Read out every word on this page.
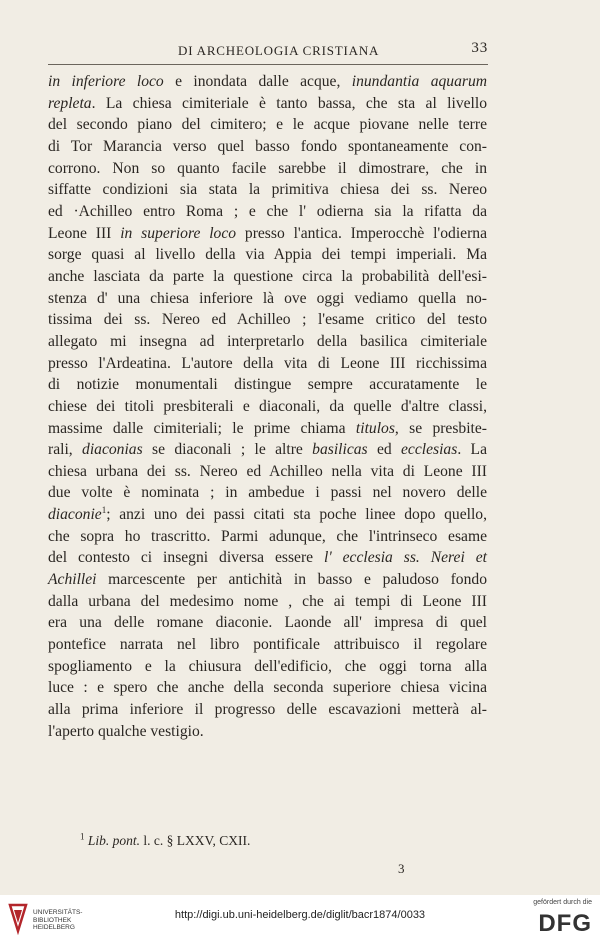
DI ARCHEOLOGIA CRISTIANA	33
in inferiore loco e inondata dalle acque, inundantia aquarum
repleta. La chiesa cimiteriale è tanto bassa, che sta al livello
del secondo piano del cimitero; e le acque piovane nelle terre
di Tor Marancia verso quel basso fondo spontaneamente con-
corrono. Non so quanto facile sarebbe il dimostrare, che in
siffatte condizioni sia stata la primitiva chiesa dei ss. Nereo
ed ·Achilleo entro Roma ; e che l' odierna sia la rifatta da
Leone III in superiore loco presso l'antica. Imperocchè l'odierna
sorge quasi al livello della via Appia dei tempi imperiali. Ma
anche lasciata da parte la questione circa la probabilità dell'esi-
stenza d' una chiesa inferiore là ove oggi vediamo quella no-
tissima dei ss. Nereo ed Achilleo ; l'esame critico del testo
allegato mi insegna ad interpretarlo della basilica cimiteriale
presso l'Ardeatina. L'autore della vita di Leone III ricchissima
di notizie monumentali distingue sempre accuratamente le
chiese dei titoli presbiterali e diaconali, da quelle d'altre classi,
massime dalle cimiteriali; le prime chiama titulos, se presbite-
rali, diaconias se diaconali ; le altre basilicas ed ecclesias. La
chiesa urbana dei ss. Nereo ed Achilleo nella vita di Leone III
due volte è nominata ; in ambedue i passi nel novero delle
diaconie$^1$; anzi uno dei passi citati sta poche linee dopo quello,
che sopra ho trascritto. Parmi adunque, che l'intrinseco esame
del contesto ci insegni diversa essere l' ecclesia ss. Nerei et
Achillei marcescente per antichità in basso e paludoso fondo
dalla urbana del medesimo nome , che ai tempi di Leone III
era una delle romane diaconie. Laonde all' impresa di quel
pontefice narrata nel libro pontificale attribuisco il regolare
spogliamento e la chiusura dell'edificio, che oggi torna alla
luce : e spero che anche della seconda superiore chiesa vicina
alla prima inferiore il progresso delle escavazioni metterà al-
l'aperto qualche vestigio.
$^1$ Lib. pont. l. c. § LXXV, CXII.
3
UNIVERSITÄTS-
BIBLIOTHEK
HEIDELBERG
http://digi.ub.uni-heidelberg.de/diglit/bacr1874/0033
gefördert durch die
DFG
